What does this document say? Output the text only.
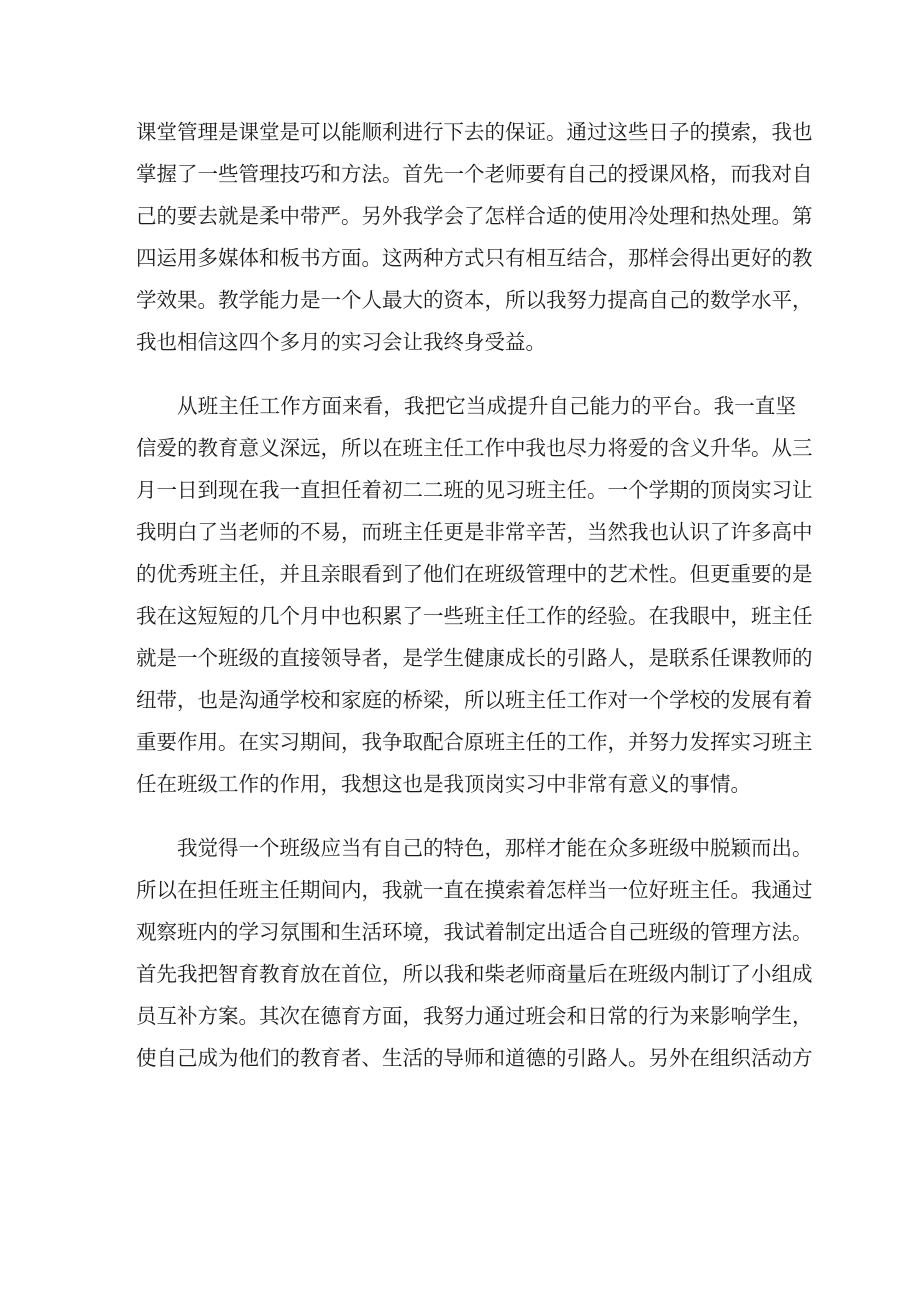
课堂管理是课堂是可以能顺利进行下去的保证。通过这些日子的摸索，我也
掌握了一些管理技巧和方法。首先一个老师要有自己的授课风格，而我对自
己的要去就是柔中带严。另外我学会了怎样合适的使用冷处理和热处理。第
四运用多媒体和板书方面。这两种方式只有相互结合，那样会得出更好的教
学效果。教学能力是一个人最大的资本，所以我努力提高自己的数学水平，
我也相信这四个多月的实习会让我终身受益。
从班主任工作方面来看，我把它当成提升自己能力的平台。我一直坚
信爱的教育意义深远，所以在班主任工作中我也尽力将爱的含义升华。从三
月一日到现在我一直担任着初二二班的见习班主任。一个学期的顶岗实习让
我明白了当老师的不易，而班主任更是非常辛苦，当然我也认识了许多高中
的优秀班主任，并且亲眼看到了他们在班级管理中的艺术性。但更重要的是
我在这短短的几个月中也积累了一些班主任工作的经验。在我眼中，班主任
就是一个班级的直接领导者，是学生健康成长的引路人，是联系任课教师的
纽带，也是沟通学校和家庭的桥梁，所以班主任工作对一个学校的发展有着
重要作用。在实习期间，我争取配合原班主任的工作，并努力发挥实习班主
任在班级工作的作用，我想这也是我顶岗实习中非常有意义的事情。
我觉得一个班级应当有自己的特色，那样才能在众多班级中脱颖而出。
所以在担任班主任期间内，我就一直在摸索着怎样当一位好班主任。我通过
观察班内的学习氛围和生活环境，我试着制定出适合自己班级的管理方法。
首先我把智育教育放在首位，所以我和柴老师商量后在班级内制订了小组成
员互补方案。其次在德育方面，我努力通过班会和日常的行为来影响学生，
使自己成为他们的教育者、生活的导师和道德的引路人。另外在组织活动方
